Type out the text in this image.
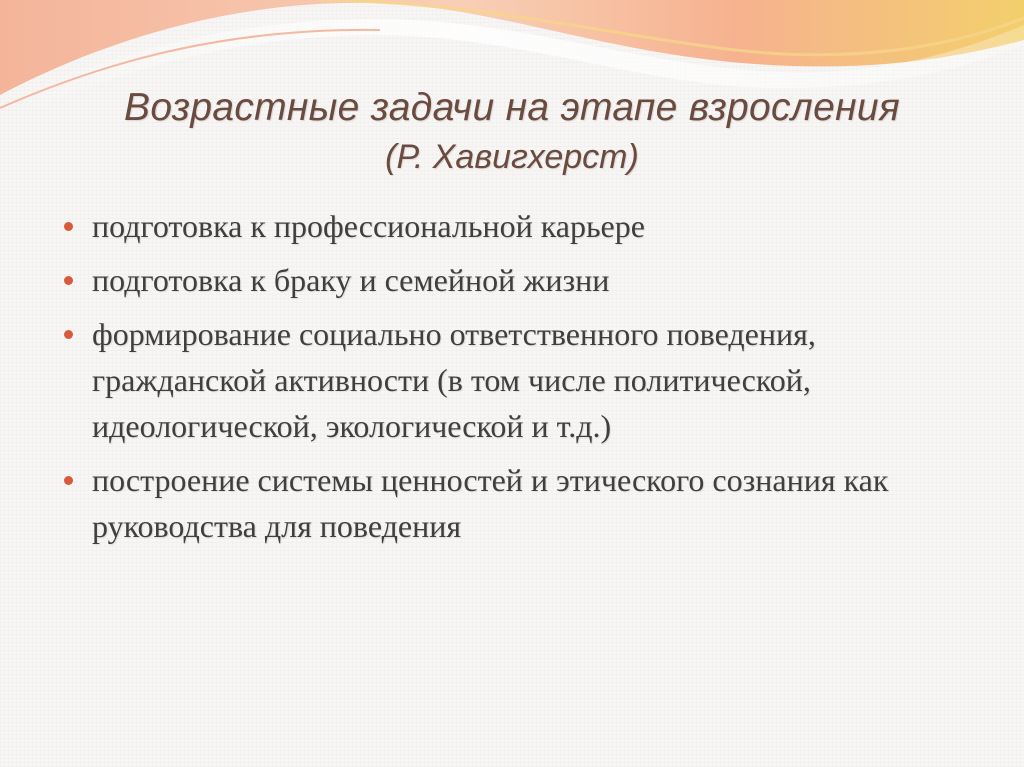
Возрастные задачи на этапе взросления
(Р. Хавигхерст)
подготовка к профессиональной карьере
подготовка к браку и семейной жизни
формирование социально ответственного поведения, гражданской активности (в том числе политической, идеологической, экологической и т.д.)
построение системы ценностей и этического сознания как руководства для поведения
